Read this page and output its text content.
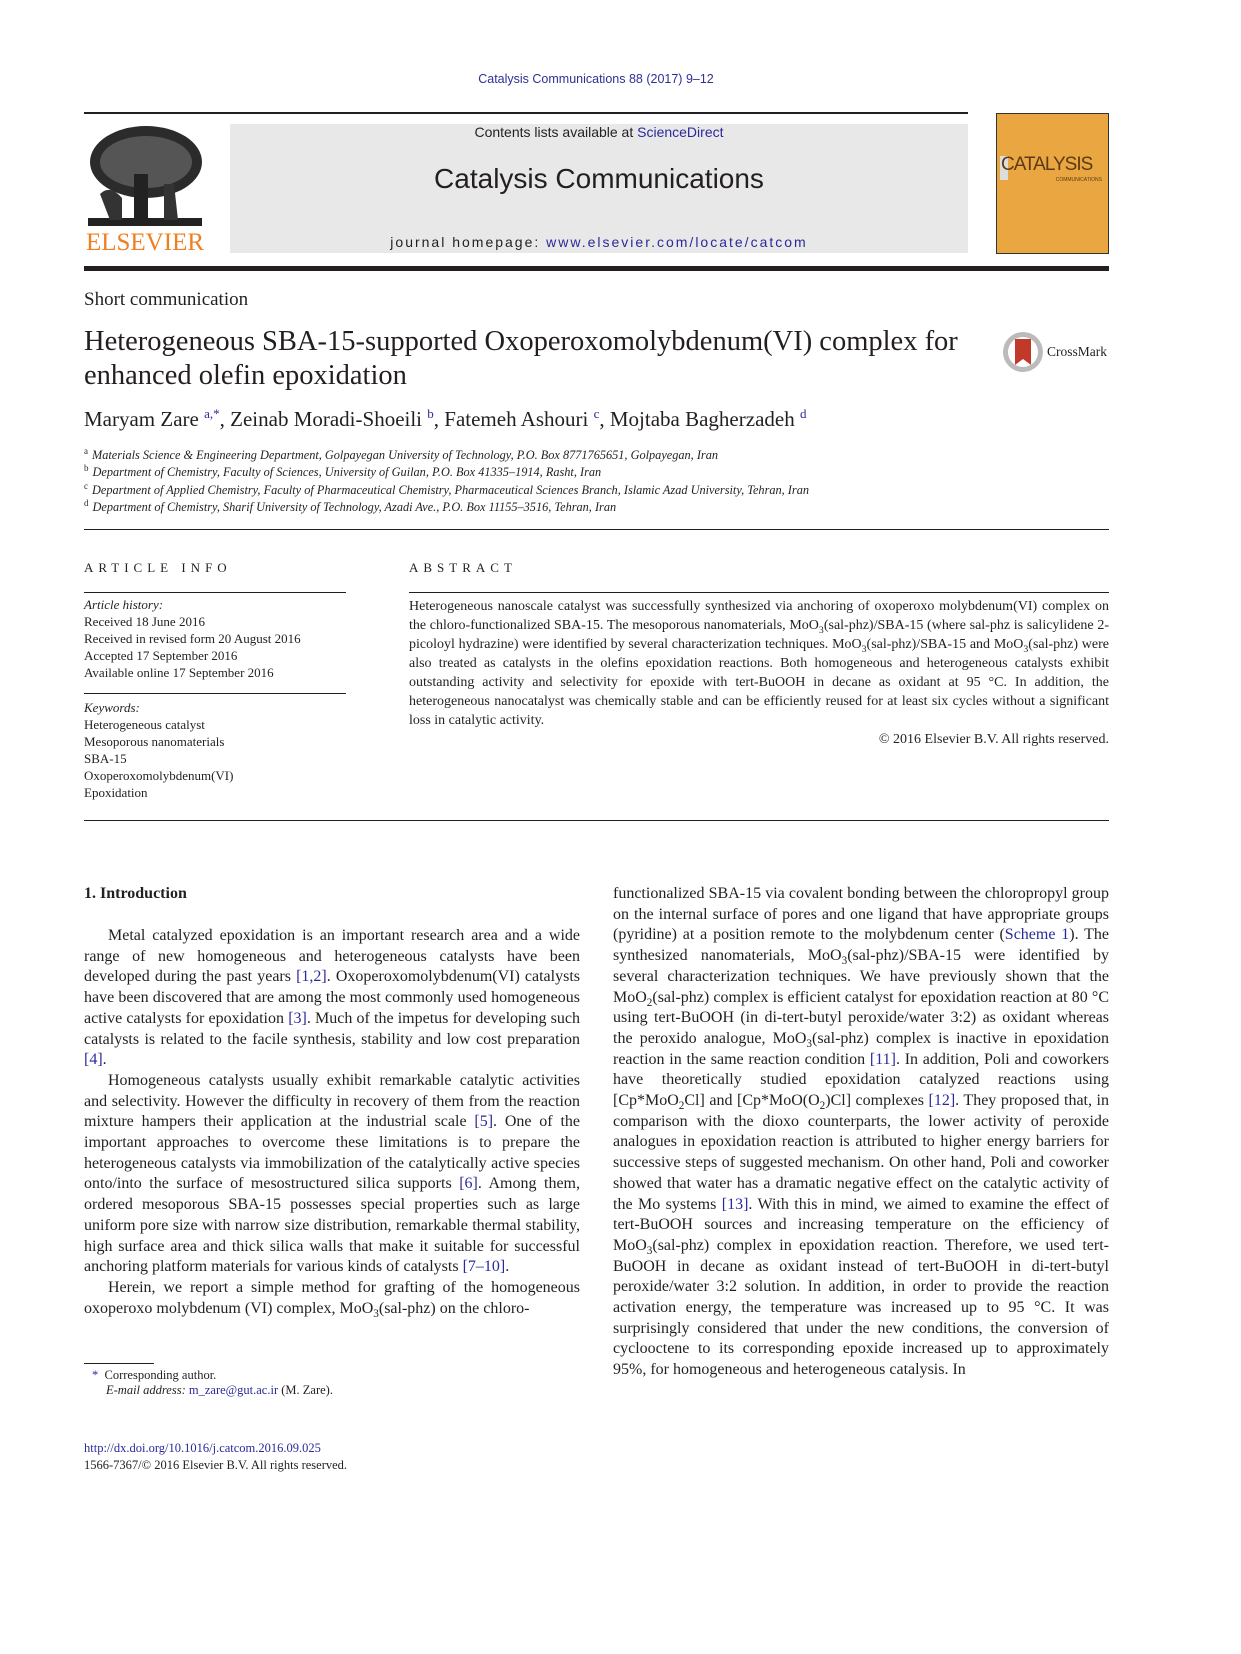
Catalysis Communications 88 (2017) 9–12
ELSEVIER
Contents lists available at ScienceDirect
Catalysis Communications
journal homepage: www.elsevier.com/locate/catcom
CATALYSIS
COMMUNICATIONS
Short communication
Heterogeneous SBA-15-supported Oxoperoxomolybdenum(VI) complex for enhanced olefin epoxidation
CrossMark
Maryam Zare $^{a,*}$, Zeinab Moradi-Shoeili $^b$, Fatemeh Ashouri $^c$, Mojtaba Bagherzadeh $^d$
$^a$ Materials Science & Engineering Department, Golpayegan University of Technology, P.O. Box 8771765651, Golpayegan, Iran
$^b$ Department of Chemistry, Faculty of Sciences, University of Guilan, P.O. Box 41335–1914, Rasht, Iran
$^c$ Department of Applied Chemistry, Faculty of Pharmaceutical Chemistry, Pharmaceutical Sciences Branch, Islamic Azad University, Tehran, Iran
$^d$ Department of Chemistry, Sharif University of Technology, Azadi Ave., P.O. Box 11155–3516, Tehran, Iran
ARTICLE INFO	ABSTRACT
Article history:
Received 18 June 2016
Received in revised form 20 August 2016
Accepted 17 September 2016
Available online 17 September 2016
Keywords:
Heterogeneous catalyst
Mesoporous nanomaterials
SBA-15
Oxoperoxomolybdenum(VI)
Epoxidation
Heterogeneous nanoscale catalyst was successfully synthesized via anchoring of oxoperoxo molybdenum(VI) complex on the chloro-functionalized SBA-15. The mesoporous nanomaterials, MoO$_3$(sal-phz)/SBA-15 (where sal-phz is salicylidene 2-picoloyl hydrazine) were identified by several characterization techniques. MoO$_3$(sal-phz)/SBA-15 and MoO$_3$(sal-phz) were also treated as catalysts in the olefins epoxidation reactions. Both homogeneous and heterogeneous catalysts exhibit outstanding activity and selectivity for epoxide with tert-BuOOH in decane as oxidant at 95 °C. In addition, the heterogeneous nanocatalyst was chemically stable and can be efficiently reused for at least six cycles without a significant loss in catalytic activity.
© 2016 Elsevier B.V. All rights reserved.
1. Introduction

Metal catalyzed epoxidation is an important research area and a wide range of new homogeneous and heterogeneous catalysts have been developed during the past years [1,2]. Oxoperoxomolybdenum(VI) catalysts have been discovered that are among the most commonly used homogeneous active catalysts for epoxidation [3]. Much of the impetus for developing such catalysts is related to the facile synthesis, stability and low cost preparation [4].

Homogeneous catalysts usually exhibit remarkable catalytic activities and selectivity. However the difficulty in recovery of them from the reaction mixture hampers their application at the industrial scale [5]. One of the important approaches to overcome these limitations is to prepare the heterogeneous catalysts via immobilization of the catalytically active species onto/into the surface of mesostructured silica supports [6]. Among them, ordered mesoporous SBA-15 possesses special properties such as large uniform pore size with narrow size distribution, remarkable thermal stability, high surface area and thick silica walls that make it suitable for successful anchoring platform materials for various kinds of catalysts [7–10].

Herein, we report a simple method for grafting of the homogeneous oxoperoxo molybdenum (VI) complex, MoO$_3$(sal-phz) on the chloro-

functionalized SBA-15 via covalent bonding between the chloropropyl group on the internal surface of pores and one ligand that have appropriate groups (pyridine) at a position remote to the molybdenum center (Scheme 1). The synthesized nanomaterials, MoO$_3$(sal-phz)/SBA-15 were identified by several characterization techniques. We have previously shown that the MoO$_2$(sal-phz) complex is efficient catalyst for epoxidation reaction at 80 °C using tert-BuOOH (in di-tert-butyl peroxide/water 3:2) as oxidant whereas the peroxido analogue, MoO$_3$(sal-phz) complex is inactive in epoxidation reaction in the same reaction condition [11]. In addition, Poli and coworkers have theoretically studied epoxidation catalyzed reactions using [Cp*MoO$_2$Cl] and $[Cp*MoO(O_2)Cl]$ complexes [12]. They proposed that, in comparison with the dioxo counterparts, the lower activity of peroxide analogues in epoxidation reaction is attributed to higher energy barriers for successive steps of suggested mechanism. On other hand, Poli and coworker showed that water has a dramatic negative effect on the catalytic activity of the Mo systems [13]. With this in mind, we aimed to examine the effect of tert-BuOOH sources and increasing temperature on the efficiency of MoO$_3$(sal-phz) complex in epoxidation reaction. Therefore, we used tert-BuOOH in decane as oxidant instead of tert-BuOOH in di-tert-butyl peroxide/water 3:2 solution. In addition, in order to provide the reaction activation energy, the temperature was increased up to 95 °C. It was surprisingly considered that under the new conditions, the conversion of cyclooctene to its corresponding epoxide increased up to approximately 95%, for homogeneous and heterogeneous catalysis. In

* Corresponding author.
E-mail address: m_zare@gut.ac.ir (M. Zare).
http://dx.doi.org/10.1016/j.catcom.2016.09.025
1566-7367/© 2016 Elsevier B.V. All rights reserved.
